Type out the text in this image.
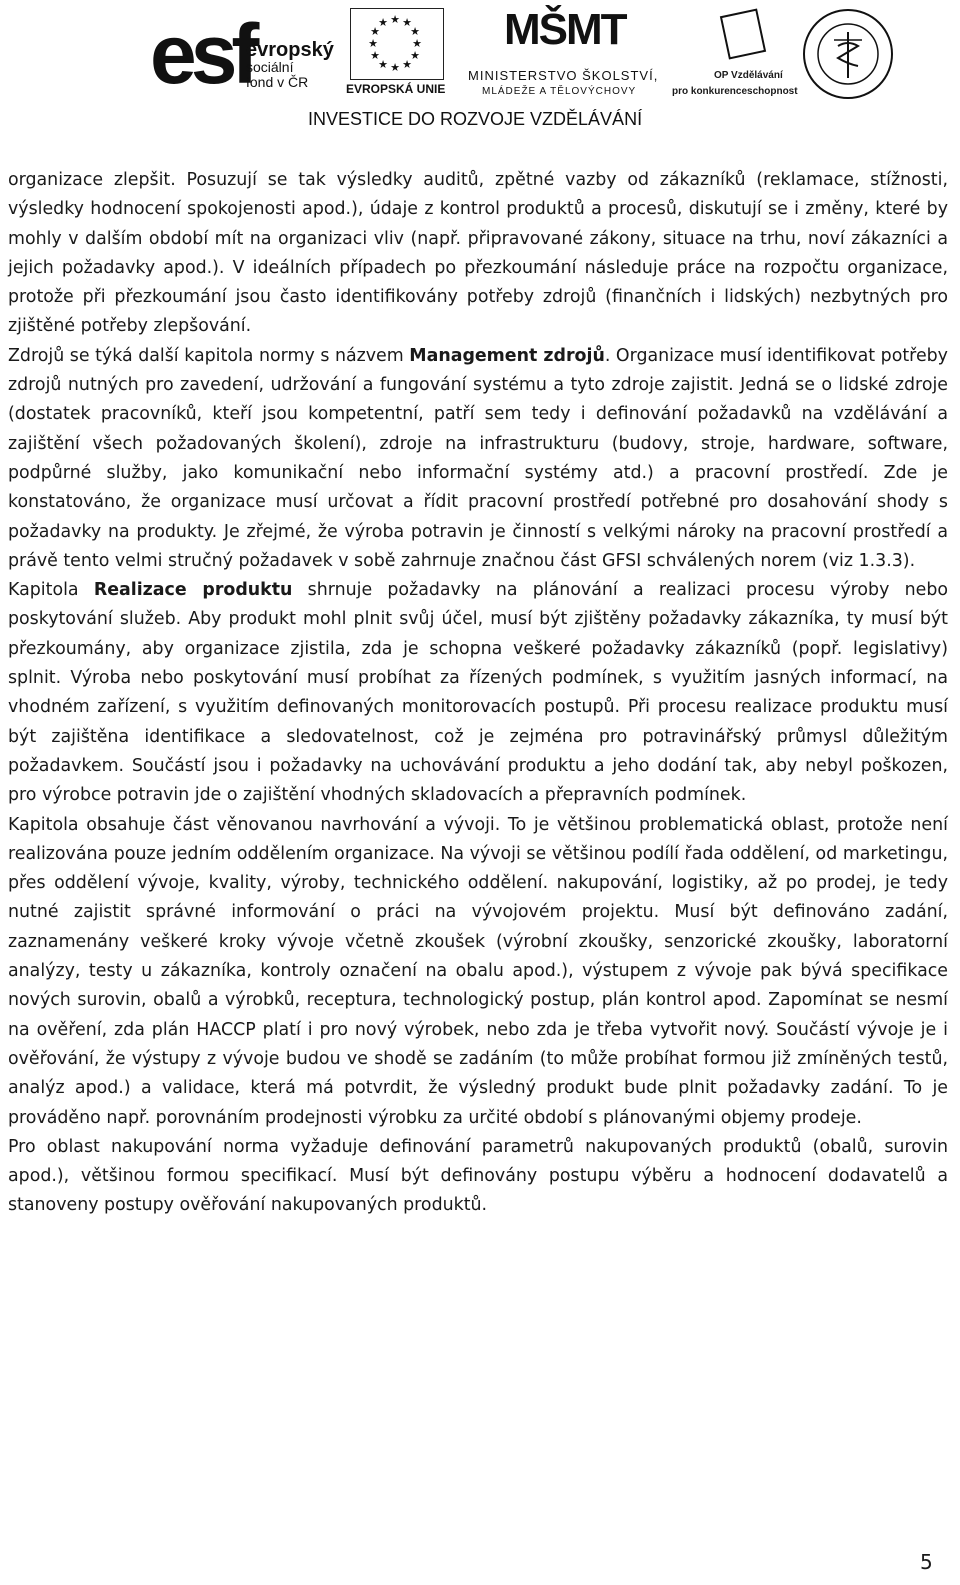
esf
evropský
sociální
fond v ČR
★ ★
★
★
★
★
★
★
★
★
★
★
EVROPSKÁ UNIE
MŠMT
MINISTERSTVO ŠKOLSTVÍ,
MLÁDEŽE A TĚLOVÝCHOVY
OP Vzdělávání
pro konkurenceschopnost
INVESTICE DO ROZVOJE VZDĚLÁVÁNÍ

organizace zlepšit. Posuzují se tak výsledky auditů, zpětné vazby od zákazníků (reklamace, stížnosti, výsledky hodnocení spokojenosti apod.), údaje z kontrol produktů a procesů, diskutují se i změny, které by mohly v dalším období mít na organizaci vliv (např. připravované zákony, situace na trhu, noví zákazníci a jejich požadavky apod.). V ideálních případech po přezkoumání následuje práce na rozpočtu organizace, protože při přezkoumání jsou často identifikovány potřeby zdrojů (finančních i lidských) nezbytných pro zjištěné potřeby zlepšování.

Zdrojů se týká další kapitola normy s názvem Management zdrojů. Organizace musí identifikovat potřeby zdrojů nutných pro zavedení, udržování a fungování systému a tyto zdroje zajistit. Jedná se o lidské zdroje (dostatek pracovníků, kteří jsou kompetentní, patří sem tedy i definování požadavků na vzdělávání a zajištění všech požadovaných školení), zdroje na infrastrukturu (budovy, stroje, hardware, software, podpůrné služby, jako komunikační nebo informační systémy atd.) a pracovní prostředí. Zde je konstatováno, že organizace musí určovat a řídit pracovní prostředí potřebné pro dosahování shody s požadavky na produkty. Je zřejmé, že výroba potravin je činností s velkými nároky na pracovní prostředí a právě tento velmi stručný požadavek v sobě zahrnuje značnou část GFSI schválených norem (viz 1.3.3).

Kapitola Realizace produktu shrnuje požadavky na plánování a realizaci procesu výroby nebo poskytování služeb. Aby produkt mohl plnit svůj účel, musí být zjištěny požadavky zákazníka, ty musí být přezkoumány, aby organizace zjistila, zda je schopna veškeré požadavky zákazníků (popř. legislativy) splnit. Výroba nebo poskytování musí probíhat za řízených podmínek, s využitím jasných informací, na vhodném zařízení, s využitím definovaných monitorovacích postupů. Při procesu realizace produktu musí být zajištěna identifikace a sledovatelnost, což je zejména pro potravinářský průmysl důležitým požadavkem. Součástí jsou i požadavky na uchovávání produktu a jeho dodání tak, aby nebyl poškozen, pro výrobce potravin jde o zajištění vhodných skladovacích a přepravních podmínek.

Kapitola obsahuje část věnovanou navrhování a vývoji. To je většinou problematická oblast, protože není realizována pouze jedním oddělením organizace. Na vývoji se většinou podílí řada oddělení, od marketingu, přes oddělení vývoje, kvality, výroby, technického oddělení. nakupování, logistiky, až po prodej, je tedy nutné zajistit správné informování o práci na vývojovém projektu. Musí být definováno zadání, zaznamenány veškeré kroky vývoje včetně zkoušek (výrobní zkoušky, senzorické zkoušky, laboratorní analýzy, testy u zákazníka, kontroly označení na obalu apod.), výstupem z vývoje pak bývá specifikace nových surovin, obalů a výrobků, receptura, technologický postup, plán kontrol apod. Zapomínat se nesmí na ověření, zda plán HACCP platí i pro nový výrobek, nebo zda je třeba vytvořit nový. Součástí vývoje je i ověřování, že výstupy z vývoje budou ve shodě se zadáním (to může probíhat formou již zmíněných testů, analýz apod.) a validace, která má potvrdit, že výsledný produkt bude plnit požadavky zadání. To je prováděno např. porovnáním prodejnosti výrobku za určité období s plánovanými objemy prodeje.

Pro oblast nakupování norma vyžaduje definování parametrů nakupovaných produktů (obalů, surovin apod.), většinou formou specifikací. Musí být definovány postupu výběru a hodnocení dodavatelů a stanoveny postupy ověřování nakupovaných produktů.

5
